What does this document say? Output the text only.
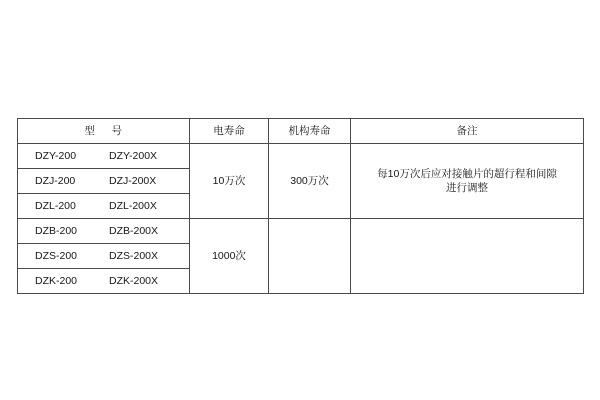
型 号	电寿命	机构寿命	备注

DZY-200 DZY-200X	10万次	300万次	每10万次后应对接触片的超行程和间隙
进行调整

DZJ-200 DZJ-200X			

DZL-200 DZL-200X			

DZB-200 DZB-200X	1000次		

DZS-200 DZS-200X			

DZK-200 DZK-200X			
